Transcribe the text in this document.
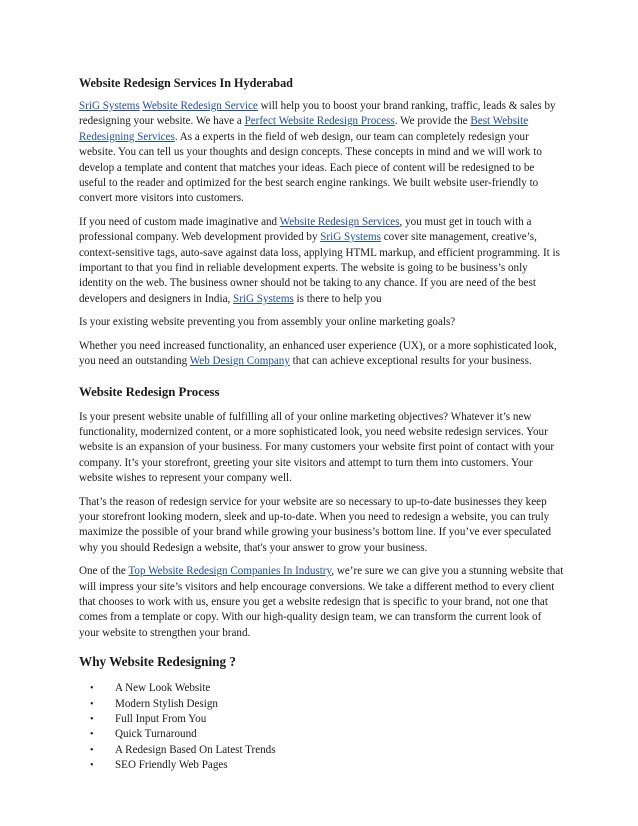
Website Redesign Services In Hyderabad

SriG Systems Website Redesign Service will help you to boost your brand ranking, traffic, leads & sales by redesigning your website. We have a Perfect Website Redesign Process. We provide the Best Website Redesigning Services. As a experts in the field of web design, our team can completely redesign your website. You can tell us your thoughts and design concepts. These concepts in mind and we will work to develop a template and content that matches your ideas. Each piece of content will be redesigned to be useful to the reader and optimized for the best search engine rankings. We built website user-friendly to convert more visitors into customers.

If you need of custom made imaginative and Website Redesign Services, you must get in touch with a professional company. Web development provided by SriG Systems cover site management, creative’s, context-sensitive tags, auto-save against data loss, applying HTML markup, and efficient programming. It is important to that you find in reliable development experts. The website is going to be business’s only identity on the web. The business owner should not be taking to any chance. If you are need of the best developers and designers in India, SriG Systems is there to help you

Is your existing website preventing you from assembly your online marketing goals?

Whether you need increased functionality, an enhanced user experience (UX), or a more sophisticated look, you need an outstanding Web Design Company that can achieve exceptional results for your business.

Website Redesign Process

Is your present website unable of fulfilling all of your online marketing objectives? Whatever it’s new functionality, modernized content, or a more sophisticated look, you need website redesign services. Your website is an expansion of your business. For many customers your website first point of contact with your company. It’s your storefront, greeting your site visitors and attempt to turn them into customers. Your website wishes to represent your company well.

That’s the reason of redesign service for your website are so necessary to up-to-date businesses they keep your storefront looking modern, sleek and up-to-date. When you need to redesign a website, you can truly maximize the possible of your brand while growing your business’s bottom line. If you’ve ever speculated why you should Redesign a website, that's your answer to grow your business.

One of the Top Website Redesign Companies In Industry, we’re sure we can give you a stunning website that will impress your site’s visitors and help encourage conversions. We take a different method to every client that chooses to work with us, ensure you get a website redesign that is specific to your brand, not one that comes from a template or copy. With our high-quality design team, we can transform the current look of your website to strengthen your brand.

Why Website Redesigning ?
• A New Look Website
• Modern Stylish Design
• Full Input From You
• Quick Turnaround
• A Redesign Based On Latest Trends
• SEO Friendly Web Pages
